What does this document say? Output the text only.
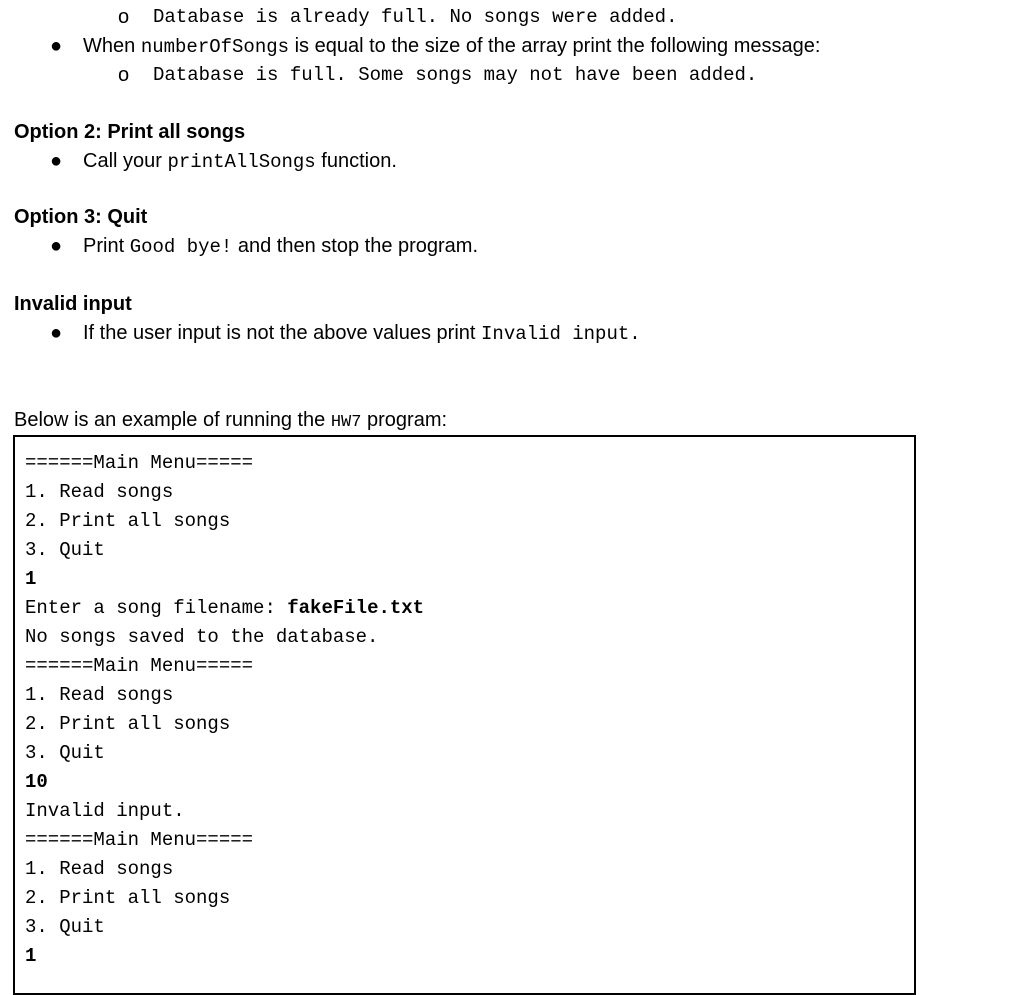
o Database is already full. No songs were added.
● When numberOfSongs is equal to the size of the array print the following message:
o Database is full. Some songs may not have been added.
Option 2: Print all songs
● Call your printAllSongs function.
Option 3: Quit
● Print Good bye! and then stop the program.
Invalid input
● If the user input is not the above values print Invalid input.
Below is an example of running the HW7 program:
======Main Menu=====
1. Read songs
2. Print all songs
3. Quit
1
Enter a song filename: fakeFile.txt
No songs saved to the database.
======Main Menu=====
1. Read songs
2. Print all songs
3. Quit
10
Invalid input.
======Main Menu=====
1. Read songs
2. Print all songs
3. Quit
1
